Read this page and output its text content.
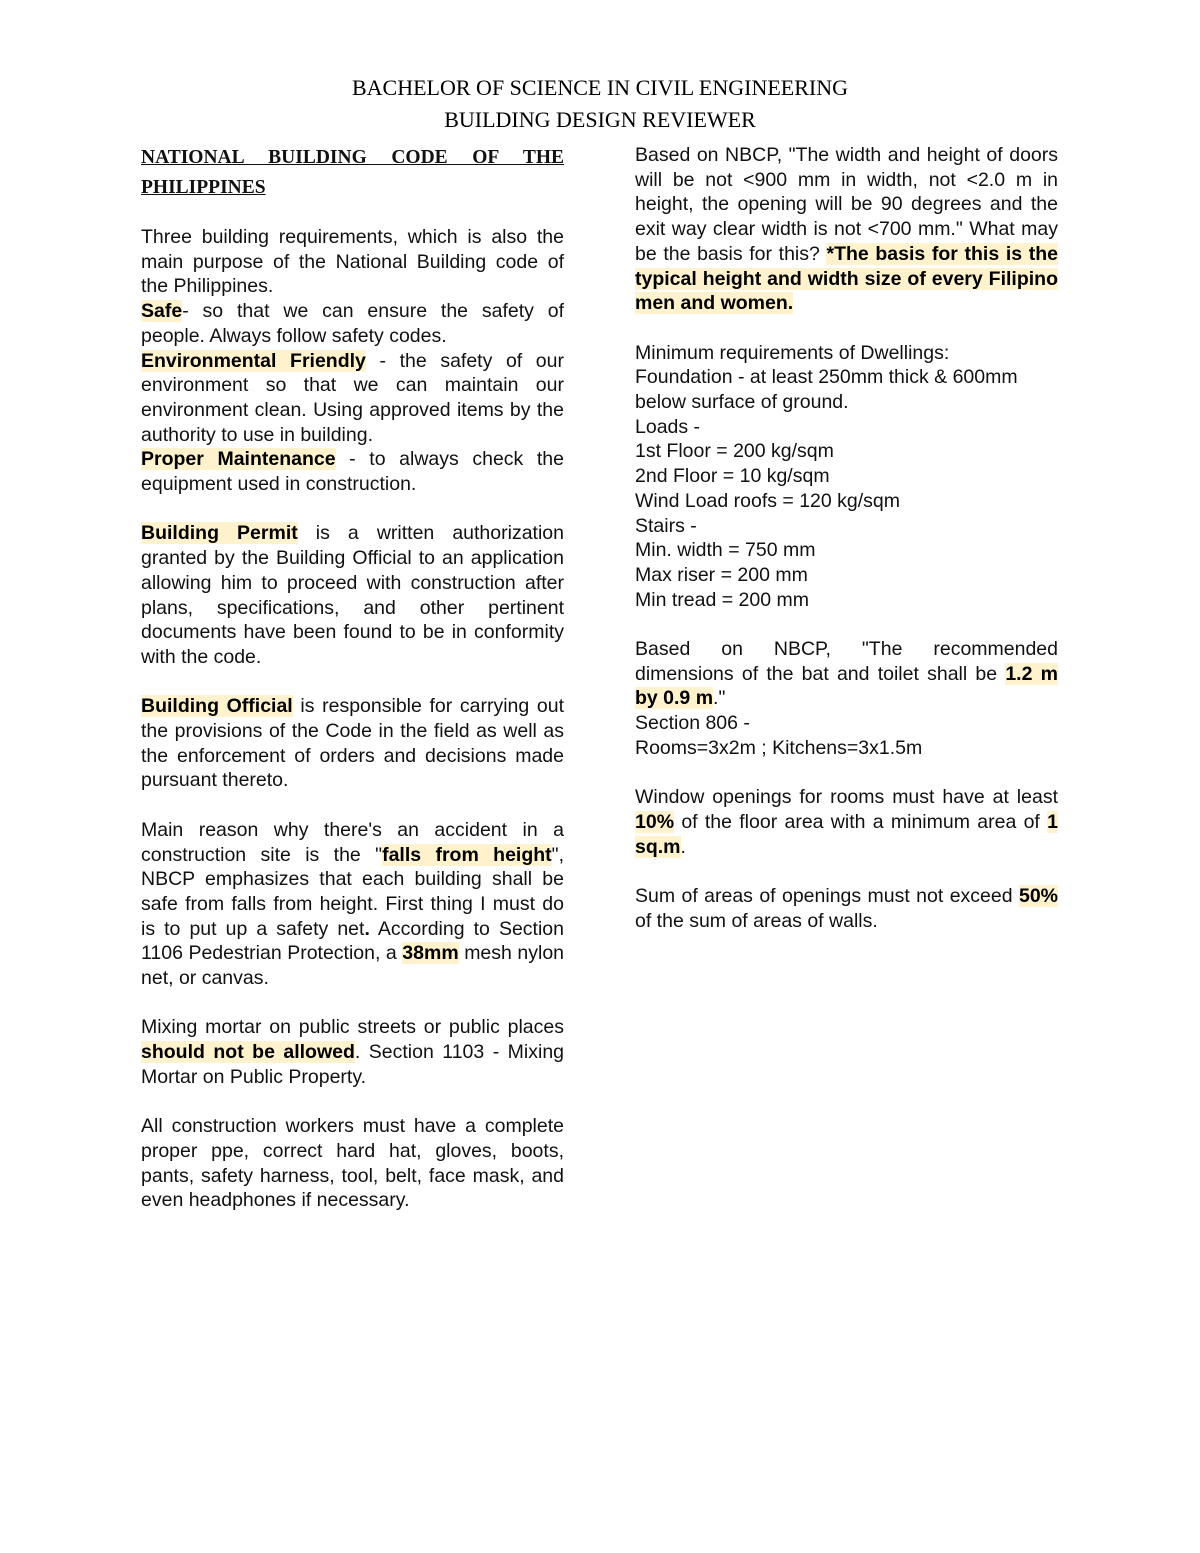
BACHELOR OF SCIENCE IN CIVIL ENGINEERING
BUILDING DESIGN REVIEWER

NATIONAL BUILDING CODE OF THE
PHILIPPINES

Three building requirements, which is also the main purpose of the National Building code of the Philippines.

Safe- so that we can ensure the safety of people. Always follow safety codes.

Environmental Friendly - the safety of our environment so that we can maintain our environment clean. Using approved items by the authority to use in building.

Proper Maintenance - to always check the equipment used in construction.

Building Permit is a written authorization granted by the Building Official to an application allowing him to proceed with construction after plans, specifications, and other pertinent documents have been found to be in conformity with the code.

Building Official is responsible for carrying out the provisions of the Code in the field as well as the enforcement of orders and decisions made pursuant thereto.

Main reason why there's an accident in a construction site is the "falls from height", NBCP emphasizes that each building shall be safe from falls from height. First thing I must do is to put up a safety net. According to Section 1106 Pedestrian Protection, a 38mm mesh nylon net, or canvas.

Mixing mortar on public streets or public places should not be allowed. Section 1103 - Mixing Mortar on Public Property.

All construction workers must have a complete proper ppe, correct hard hat, gloves, boots, pants, safety harness, tool, belt, face mask, and even headphones if necessary.

Based on NBCP, "The width and height of doors will be not <900 mm in width, not <2.0 m in height, the opening will be 90 degrees and the exit way clear width is not <700 mm." What may be the basis for this? *The basis for this is the typical height and width size of every Filipino men and women.

Minimum requirements of Dwellings:
Foundation - at least 250mm thick & 600mm below surface of ground.
Loads -
1st Floor = 200 kg/sqm
2nd Floor = 10 kg/sqm
Wind Load roofs = 120 kg/sqm
Stairs -
Min. width = 750 mm
Max riser = 200 mm
Min tread = 200 mm

Based on NBCP, "The recommended dimensions of the bat and toilet shall be 1.2 m by 0.9 m."
Section 806 -
Rooms=3x2m ; Kitchens=3x1.5m

Window openings for rooms must have at least 10% of the floor area with a minimum area of 1 sq.m.

Sum of areas of openings must not exceed 50% of the sum of areas of walls.
